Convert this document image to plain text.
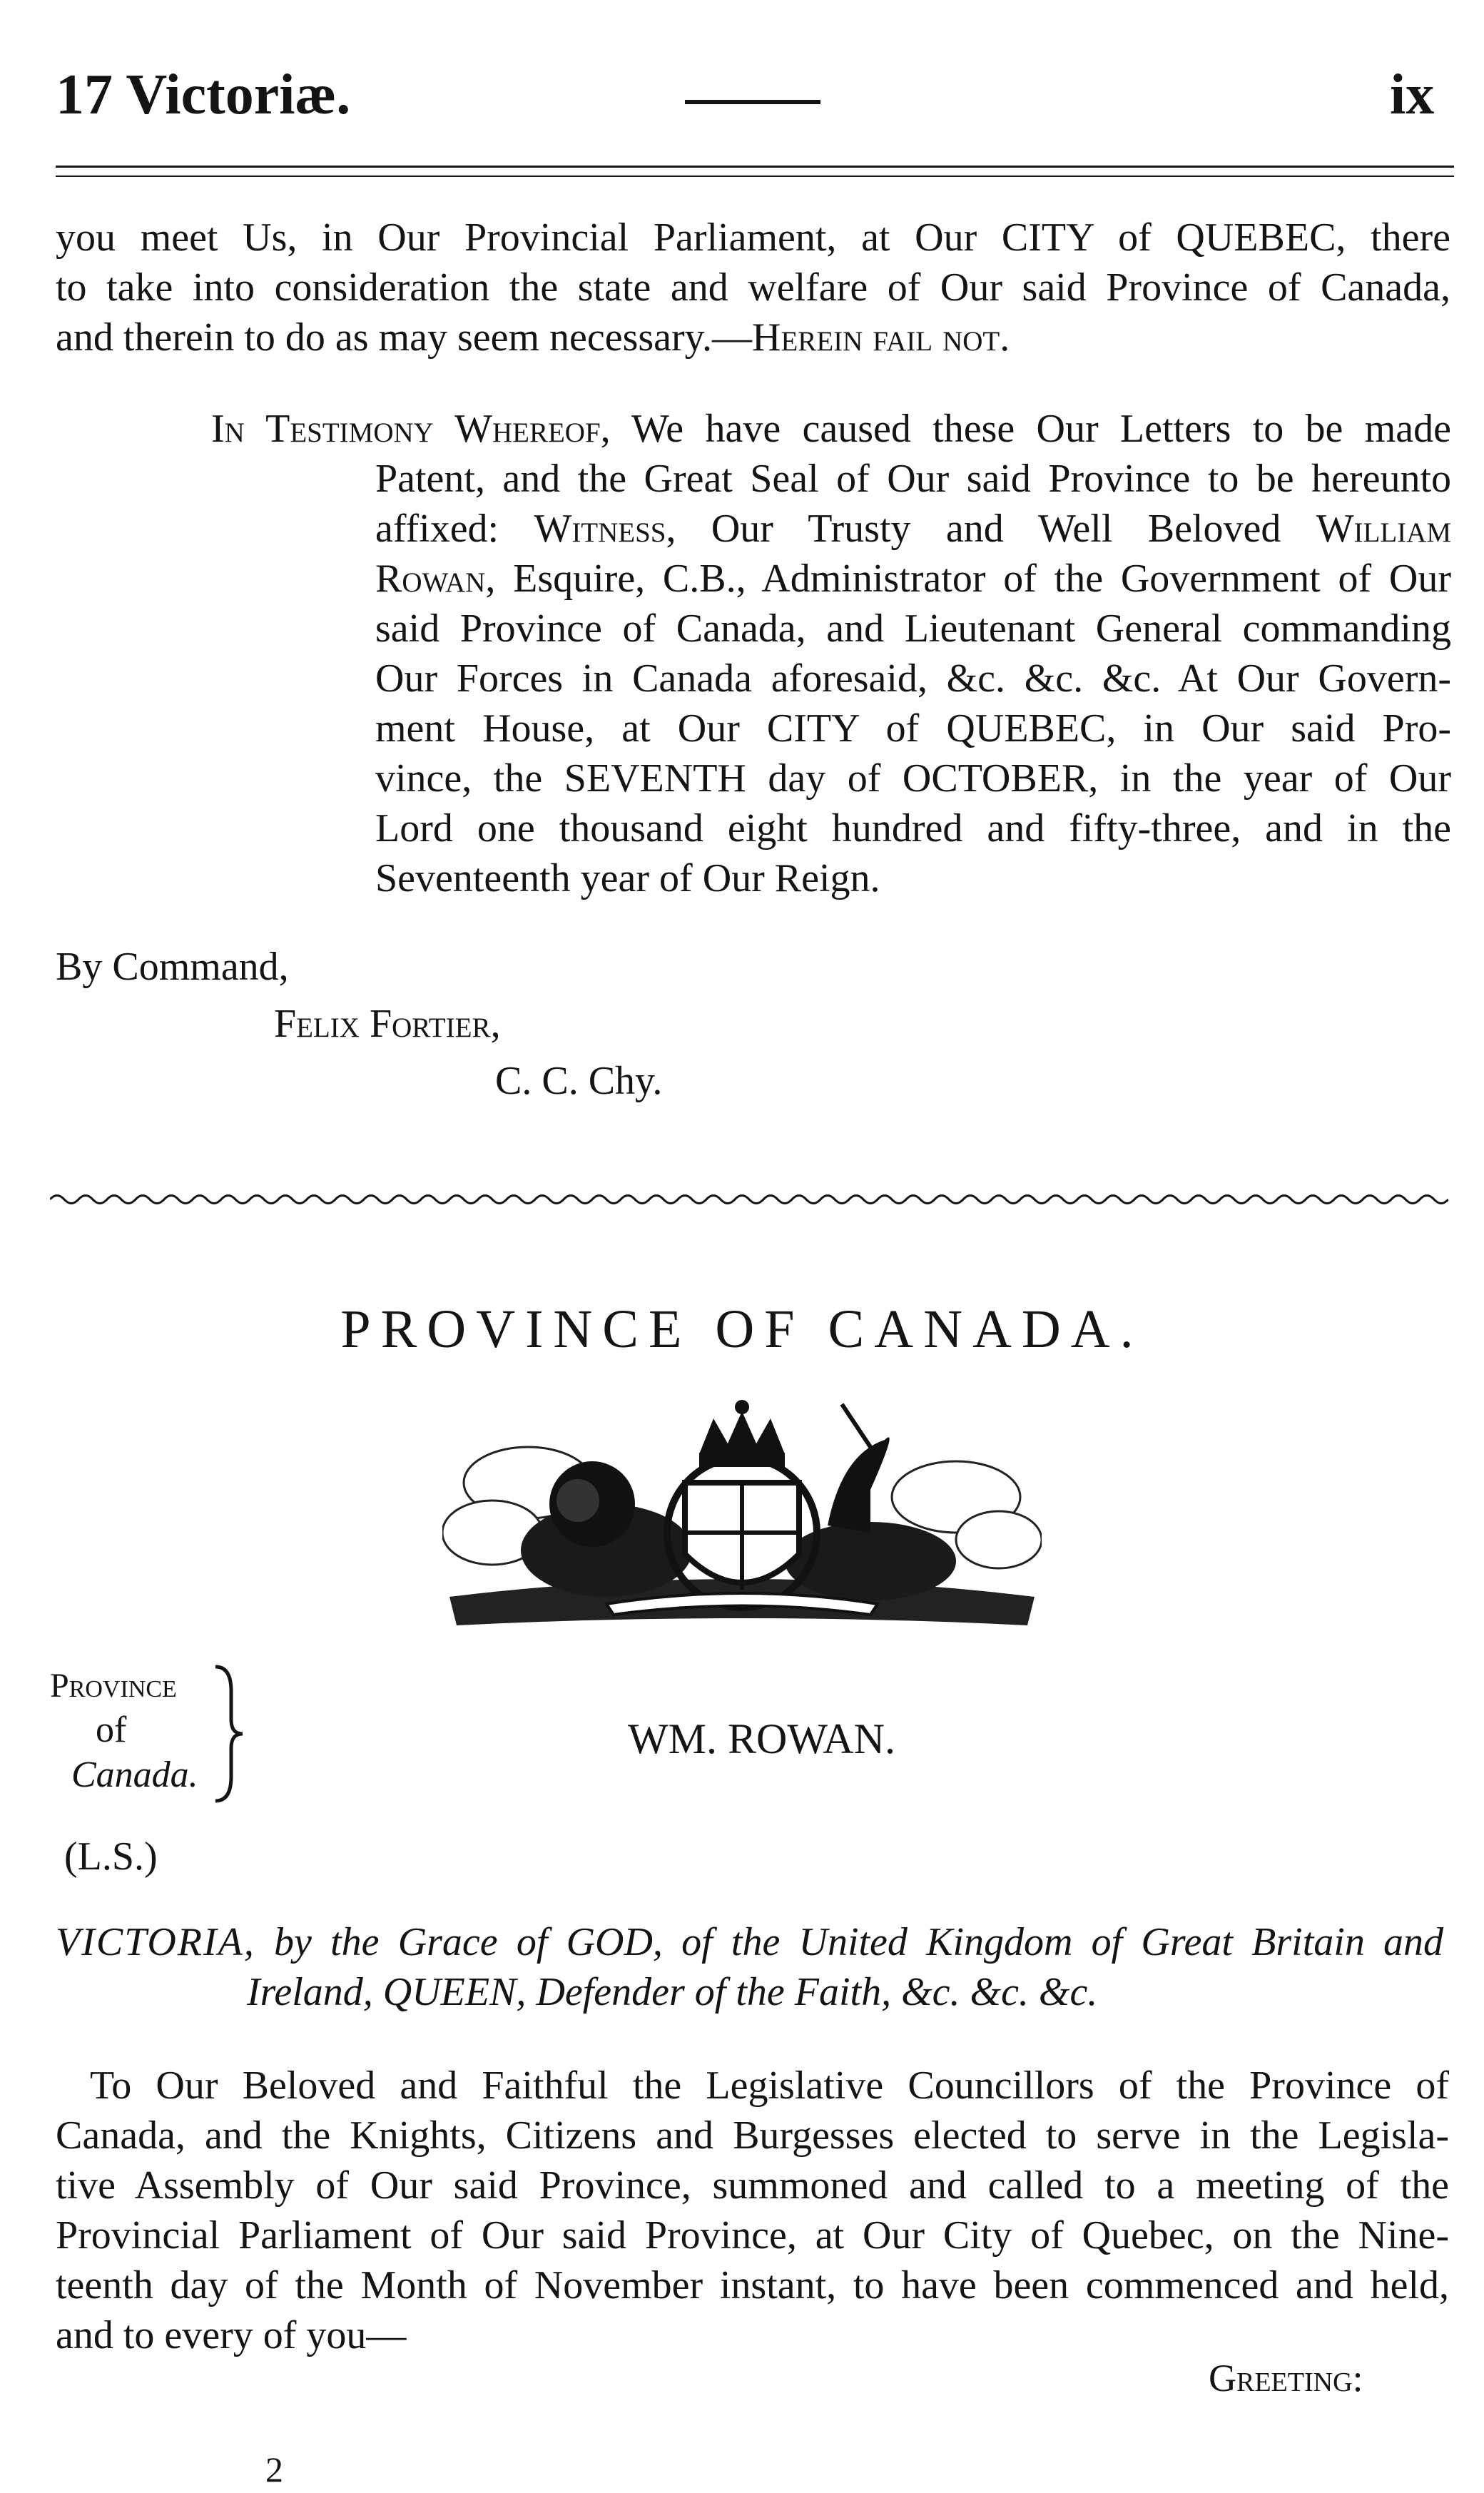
17 Victoriæ.	ix
you meet Us, in Our Provincial Parliament, at Our CITY of QUEBEC, there
to take into consideration the state and welfare of Our said Province of Canada,
and therein to do as may seem necessary.—Herein fail not.
In Testimony Whereof, We have caused these Our Letters to be made
Patent, and the Great Seal of Our said Province to be hereunto
affixed: Witness, Our Trusty and Well Beloved William
Rowan, Esquire, C.B., Administrator of the Government of Our
said Province of Canada, and Lieutenant General commanding
Our Forces in Canada aforesaid, &c. &c. &c. At Our Govern-
ment House, at Our CITY of QUEBEC, in Our said Pro-
vince, the SEVENTH day of OCTOBER, in the year of Our
Lord one thousand eight hundred and fifty-three, and in the
Seventeenth year of Our Reign.
By Command,
Felix Fortier,
C. C. Chy.
PROVINCE OF CANADA.
Province
of
Canada.
WM. ROWAN.
(L.S.)
VICTORIA, by the Grace of GOD, of the United Kingdom of Great Britain and
Ireland, QUEEN, Defender of the Faith, &c. &c. &c.
To Our Beloved and Faithful the Legislative Councillors of the Province of
Canada, and the Knights, Citizens and Burgesses elected to serve in the Legisla-
tive Assembly of Our said Province, summoned and called to a meeting of the
Provincial Parliament of Our said Province, at Our City of Quebec, on the Nine-
teenth day of the Month of November instant, to have been commenced and held,
and to every of you—
Greeting:
2
